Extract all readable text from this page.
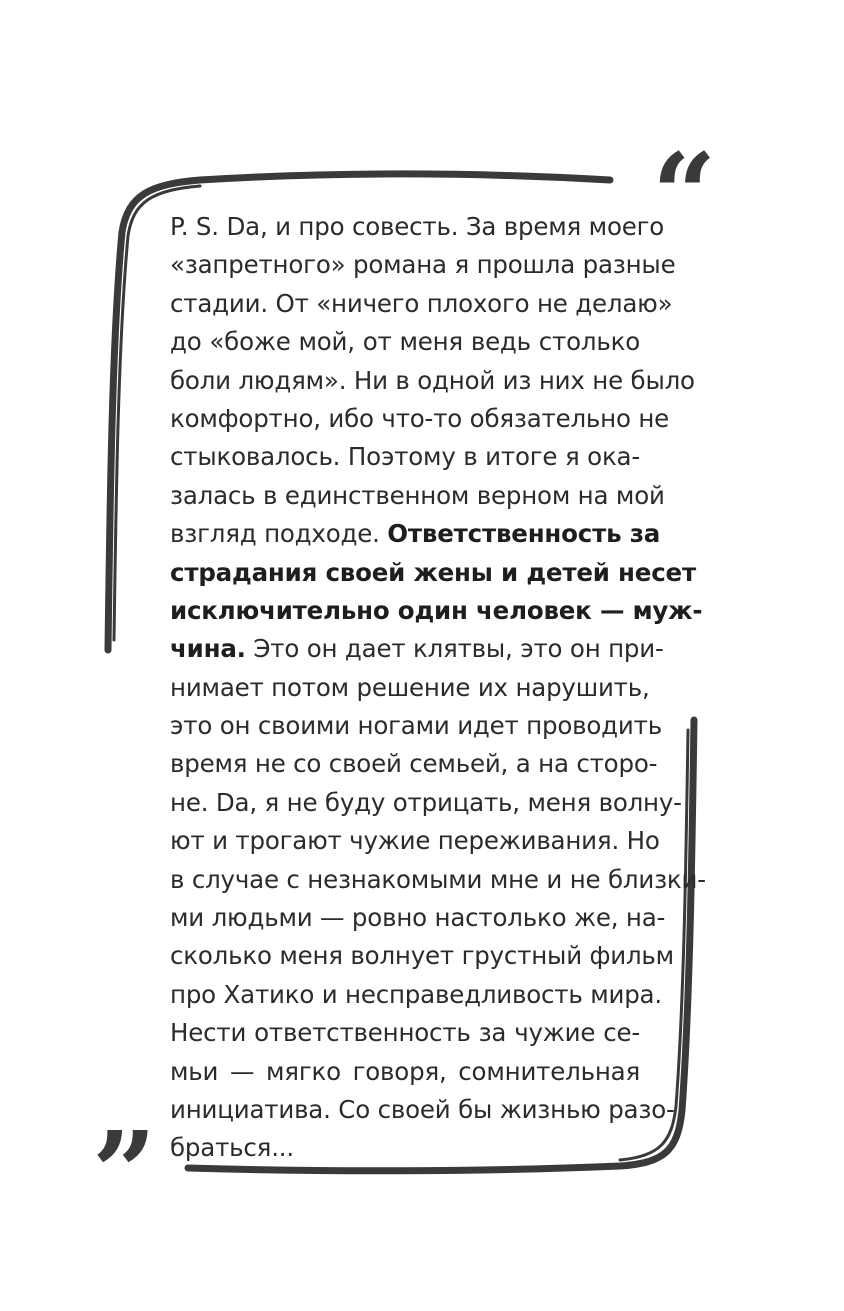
“
”
P. S. Da, и про совесть. За время моего
«запретного» романа я прошла разные
стадии. От «ничего плохого не делаю»
до «боже мой, от меня ведь столько
боли людям». Ни в одной из них не было
комфортно, ибо что-то обязательно не
стыковалось. Поэтому в итоге я ока-
залась в единственном верном на мой
взгляд подходе. Ответственность за
страдания своей жены и детей несет
исключительно один человек — муж-
чина. Это он дает клятвы, это он при-
нимает потом решение их нарушить,
это он своими ногами идет проводить
время не со своей семьей, а на сторо-
не. Da, я не буду отрицать, меня волну-
ют и трогают чужие переживания. Но
в случае с незнакомыми мне и не близки-
ми людьми — ровно настолько же, на-
сколько меня волнует грустный фильм
про Хатико и несправедливость мира.
Нести ответственность за чужие се-
мьи — мягко говоря, сомнительная
инициатива. Со своей бы жизнью разо-
браться...
